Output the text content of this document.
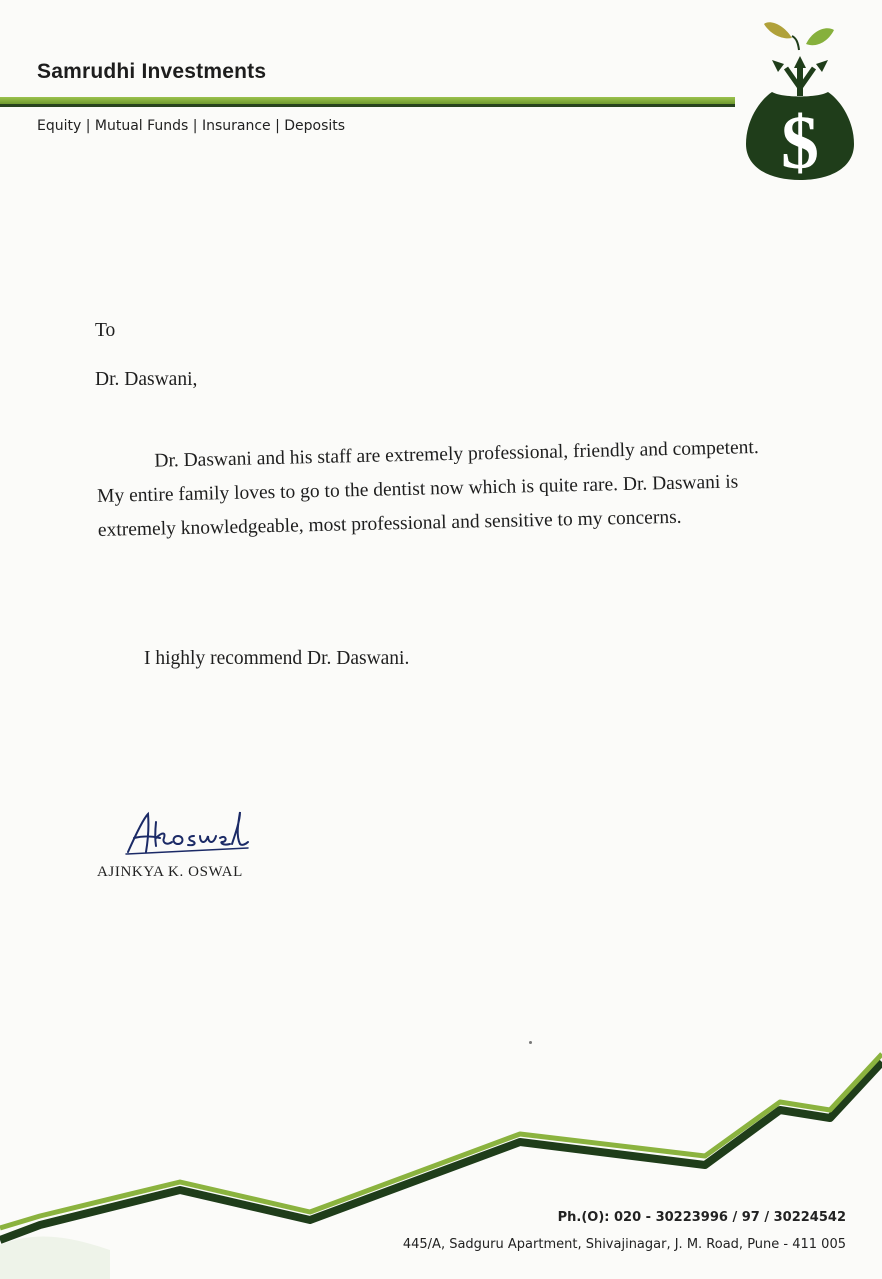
Samrudhi Investments
Equity | Mutual Funds | Insurance | Deposits	$
To
Dr. Daswani,

Dr. Daswani and his staff are extremely professional, friendly and competent. My entire family loves to go to the dentist now which is quite rare. Dr. Daswani is extremely knowledgeable, most professional and sensitive to my concerns.

I highly recommend Dr. Daswani.
AJINKYA K. OSWAL
Ph.(O): 020 - 30223996 / 97 / 30224542
445/A, Sadguru Apartment, Shivajinagar, J. M. Road, Pune - 411 005
